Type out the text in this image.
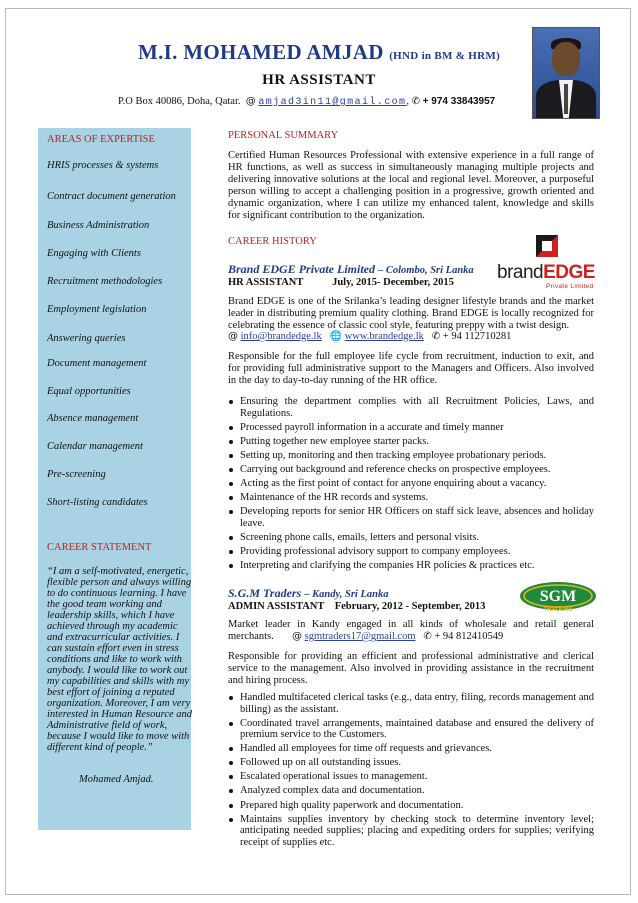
M.I. MOHAMED AMJAD (HND in BM & HRM)
HR ASSISTANT
P.O Box 40086, Doha, Qatar. @ amjad3in11@gmail.com, ✆ + 974 33843957
AREAS OF EXPERTISE
HRIS processes & systems
Contract document generation
Business Administration
Engaging with Clients
Recruitment methodologies
Employment legislation
Answering queries
Document management
Equal opportunities
Absence management
Calendar management
Pre-screening
Short-listing candidates
CAREER STATEMENT
“I am a self-motivated, energetic, flexible person and always willing to do continuous learning. I have the good team working and leadership skills, which I have achieved through my academic and extracurricular activities. I can sustain effort even in stress conditions and like to work with anybody. I would like to work out my capabilities and skills with my best effort of joining a reputed organization. Moreover, I am very interested in Human Resource and Administrative field of work, because I would like to move with different kind of people.”
Mohamed Amjad.
PERSONAL SUMMARY
Certified Human Resources Professional with extensive experience in a full range of HR functions, as well as success in simultaneously managing multiple projects and delivering innovative solutions at the local and regional level. Moreover, a purposeful person willing to accept a challenging position in a progressive, growth oriented and dynamic organization, where I can utilize my enhanced talent, knowledge and skills for significant contribution to the organization.
CAREER HISTORY
brandEDGE
Private Limited
Brand EDGE Private Limited – Colombo, Sri Lanka
HR ASSISTANT	July, 2015- December, 2015
Brand EDGE is one of the Srilanka’s leading designer lifestyle brands and the market leader in distributing premium quality clothing. Brand EDGE is locally recognized for celebrating the essence of classic cool style, featuring preppy with a twist design.
@ info@brandedge.lk 🌐 www.brandedge.lk ✆ + 94 112710281
Responsible for the full employee life cycle from recruitment, induction to exit, and for providing full administrative support to the Managers and Officers. Also involved in the day to day-to-day running of the HR office.
Ensuring the department complies with all Recruitment Policies, Laws, and Regulations.
Processed payroll information in a accurate and timely manner
Putting together new employee starter packs.
Setting up, monitoring and then tracking employee probationary periods.
Carrying out background and reference checks on prospective employees.
Acting as the first point of contact for anyone enquiring about a vacancy.
Maintenance of the HR records and systems.
Developing reports for senior HR Officers on staff sick leave, absences and holiday leave.
Screening phone calls, emails, letters and personal visits.
Providing professional advisory support to company employees.
Interpreting and clarifying the companies HR policies & practices etc.
SGM
TRADERS
S.G.M Traders – Kandy, Sri Lanka
ADMIN ASSISTANT February, 2012 - September, 2013
Market leader in Kandy engaged in all kinds of wholesale and retail general merchants.	@ sgmtraders17@gmail.com ✆ + 94 812410549
Responsible for providing an efficient and professional administrative and clerical service to the management. Also involved in providing assistance in the recruitment and hiring process.
Handled multifaceted clerical tasks (e.g., data entry, filing, records management and billing) as the assistant.
Coordinated travel arrangements, maintained database and ensured the delivery of premium service to the Customers.
Handled all employees for time off requests and grievances.
Followed up on all outstanding issues.
Escalated operational issues to management.
Analyzed complex data and documentation.
Prepared high quality paperwork and documentation.
Maintains supplies inventory by checking stock to determine inventory level; anticipating needed supplies; placing and expediting orders for supplies; verifying receipt of supplies etc.
